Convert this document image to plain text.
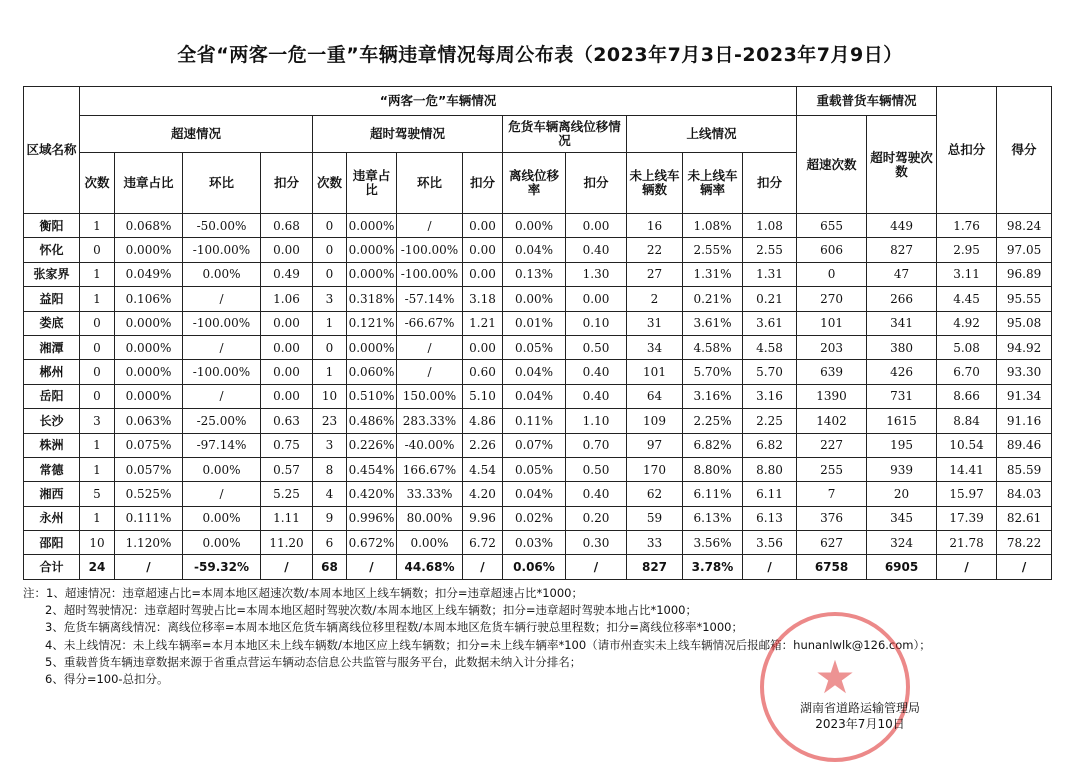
全省“两客一危一重”车辆违章情况每周公布表（2023年7月3日-2023年7月9日）
区域名称	“两客一危”车辆情况													重载普货车辆情况		总扣分	得分
	超速情况				超时驾驶情况				危货车辆离线位移情况		上线情况			超速次数	超时驾驶次数		
	次数	违章占比	环比	扣分	次数	违章占比	环比	扣分	离线位移率	扣分	未上线车辆数	未上线车辆率	扣分				
衡阳	1	0.068%	-50.00%	0.68	0	0.000%	/	0.00	0.00%	0.00	16	1.08%	1.08	655	449	1.76	98.24
怀化	0	0.000%	-100.00%	0.00	0	0.000%	-100.00%	0.00	0.04%	0.40	22	2.55%	2.55	606	827	2.95	97.05
张家界	1	0.049%	0.00%	0.49	0	0.000%	-100.00%	0.00	0.13%	1.30	27	1.31%	1.31	0	47	3.11	96.89
益阳	1	0.106%	/	1.06	3	0.318%	-57.14%	3.18	0.00%	0.00	2	0.21%	0.21	270	266	4.45	95.55
娄底	0	0.000%	-100.00%	0.00	1	0.121%	-66.67%	1.21	0.01%	0.10	31	3.61%	3.61	101	341	4.92	95.08
湘潭	0	0.000%	/	0.00	0	0.000%	/	0.00	0.05%	0.50	34	4.58%	4.58	203	380	5.08	94.92
郴州	0	0.000%	-100.00%	0.00	1	0.060%	/	0.60	0.04%	0.40	101	5.70%	5.70	639	426	6.70	93.30
岳阳	0	0.000%	/	0.00	10	0.510%	150.00%	5.10	0.04%	0.40	64	3.16%	3.16	1390	731	8.66	91.34
长沙	3	0.063%	-25.00%	0.63	23	0.486%	283.33%	4.86	0.11%	1.10	109	2.25%	2.25	1402	1615	8.84	91.16
株洲	1	0.075%	-97.14%	0.75	3	0.226%	-40.00%	2.26	0.07%	0.70	97	6.82%	6.82	227	195	10.54	89.46
常德	1	0.057%	0.00%	0.57	8	0.454%	166.67%	4.54	0.05%	0.50	170	8.80%	8.80	255	939	14.41	85.59
湘西	5	0.525%	/	5.25	4	0.420%	33.33%	4.20	0.04%	0.40	62	6.11%	6.11	7	20	15.97	84.03
永州	1	0.111%	0.00%	1.11	9	0.996%	80.00%	9.96	0.02%	0.20	59	6.13%	6.13	376	345	17.39	82.61
邵阳	10	1.120%	0.00%	11.20	6	0.672%	0.00%	6.72	0.03%	0.30	33	3.56%	3.56	627	324	21.78	78.22
合计	24	/	-59.32%	/	68	/	44.68%	/	0.06%	/	827	3.78%	/	6758	6905	/	/
注：1、超速情况：违章超速占比=本周本地区超速次数/本周本地区上线车辆数；扣分=违章超速占比*1000；
2、超时驾驶情况：违章超时驾驶占比=本周本地区超时驾驶次数/本周本地区上线车辆数；扣分=违章超时驾驶本地占比*1000；
3、危货车辆离线情况：离线位移率=本周本地区危货车辆离线位移里程数/本周本地区危货车辆行驶总里程数；扣分=离线位移率*1000；
4、未上线情况：未上线车辆率=本月本地区未上线车辆数/本地区应上线车辆数；扣分=未上线车辆率*100（请市州查实未上线车辆情况后报邮箱：hunanlwlk@126.com）；
5、重载普货车辆违章数据来源于省重点营运车辆动态信息公共监管与服务平台，此数据未纳入计分排名；
6、得分=100-总扣分。	★
湖南省道路运输管理局
2023年7月10日
